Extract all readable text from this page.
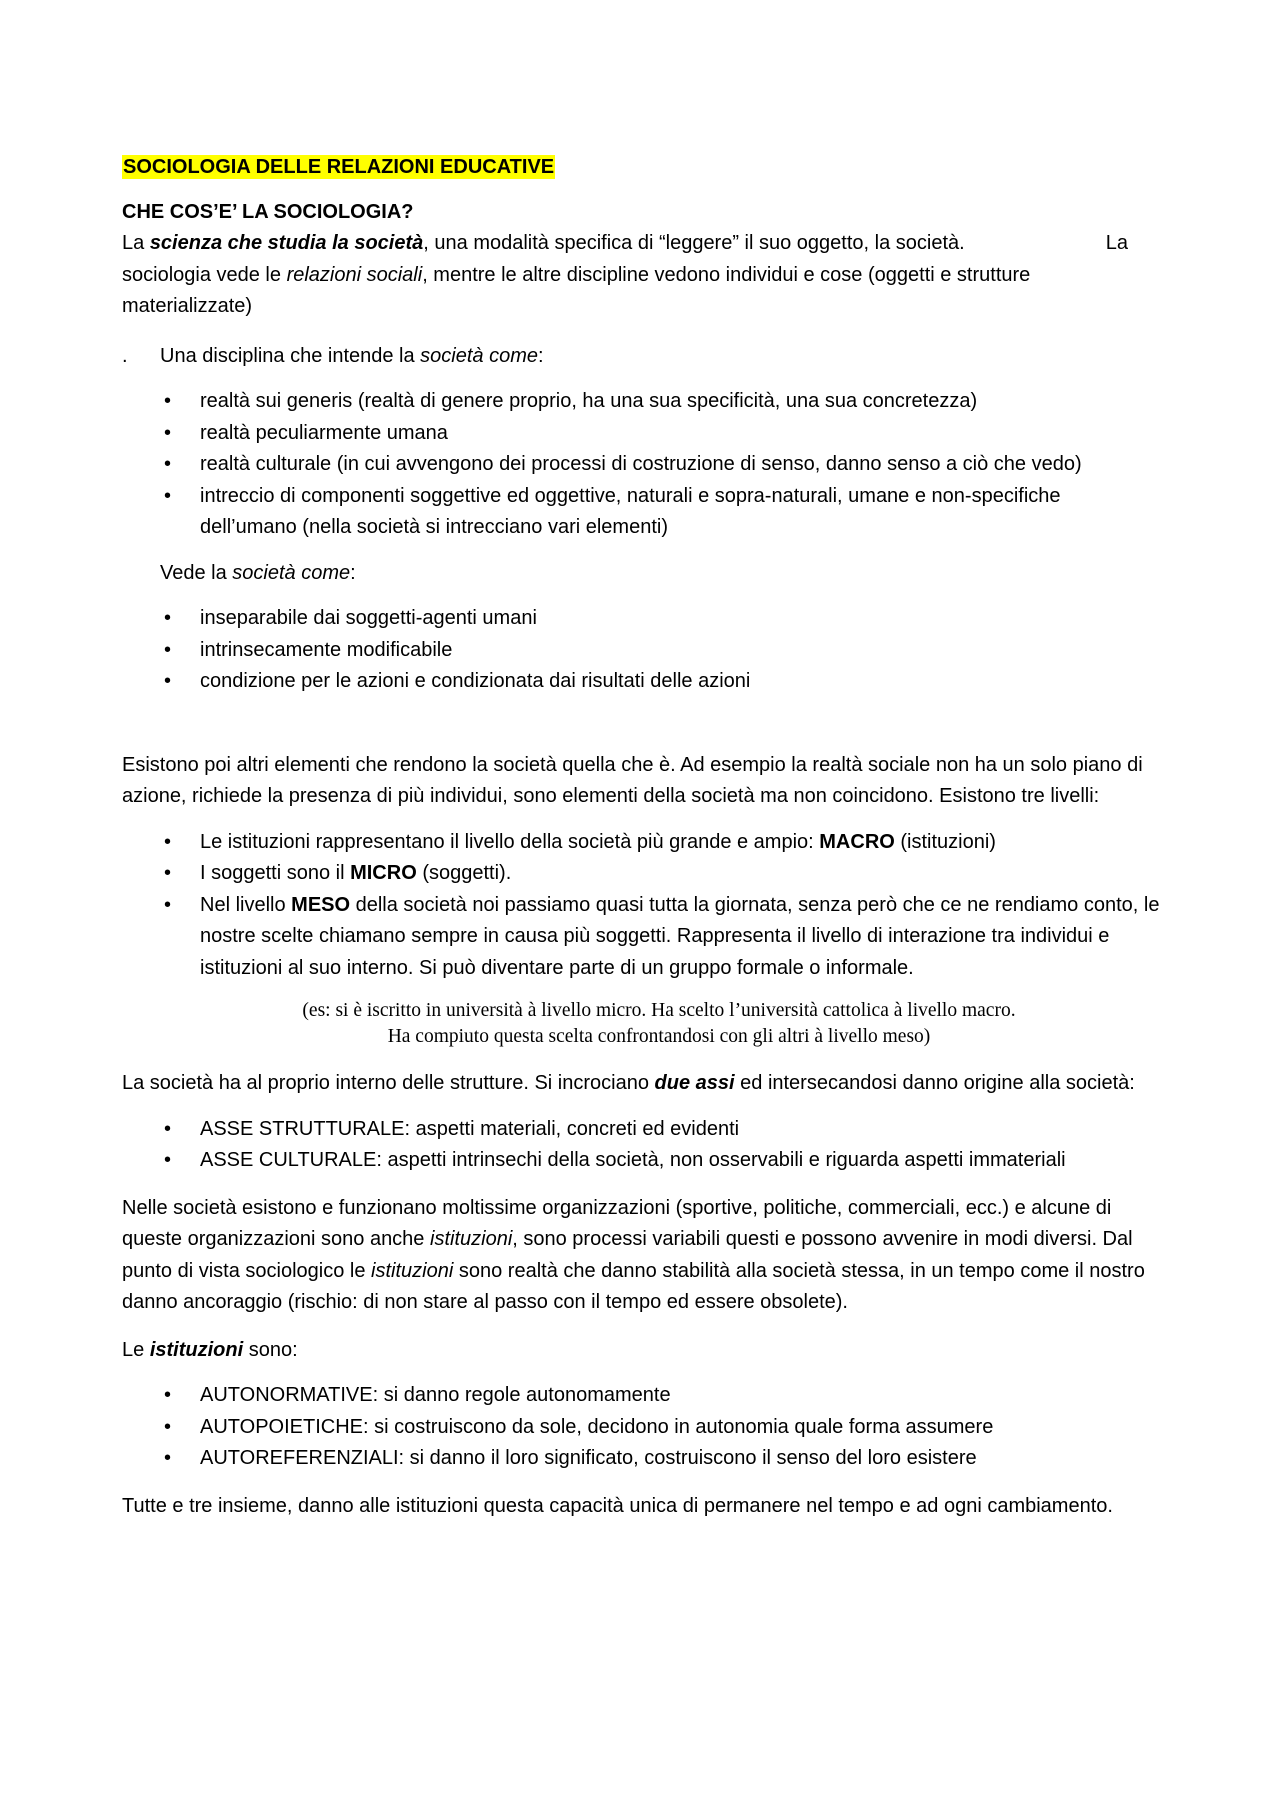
SOCIOLOGIA DELLE RELAZIONI EDUCATIVE

CHE COS’E’ LA SOCIOLOGIA?

La scienza che studia la società, una modalità specifica di “leggere” il suo oggetto, la società.	La

sociologia vede le relazioni sociali, mentre le altre discipline vedono individui e cose (oggetti e strutture materializzate)

. Una disciplina che intende la società come:

• realtà sui generis (realtà di genere proprio, ha una sua specificità, una sua concretezza)
• realtà peculiarmente umana
• realtà culturale (in cui avvengono dei processi di costruzione di senso, danno senso a ciò che vedo)
• intreccio di componenti soggettive ed oggettive, naturali e sopra-naturali, umane e non-specifiche dell’umano (nella società si intrecciano vari elementi)

Vede la società come:

• inseparabile dai soggetti-agenti umani
• intrinsecamente modificabile
• condizione per le azioni e condizionata dai risultati delle azioni

Esistono poi altri elementi che rendono la società quella che è. Ad esempio la realtà sociale non ha un solo piano di azione, richiede la presenza di più individui, sono elementi della società ma non coincidono. Esistono tre livelli:

• Le istituzioni rappresentano il livello della società più grande e ampio: MACRO (istituzioni)
• I soggetti sono il MICRO (soggetti).
• Nel livello MESO della società noi passiamo quasi tutta la giornata, senza però che ce ne rendiamo conto, le nostre scelte chiamano sempre in causa più soggetti. Rappresenta il livello di interazione tra individui e istituzioni al suo interno. Si può diventare parte di un gruppo formale o informale.
(es: si è iscritto in università à livello micro. Ha scelto l’università cattolica à livello macro.
Ha compiuto questa scelta confrontandosi con gli altri à livello meso)

La società ha al proprio interno delle strutture. Si incrociano due assi ed intersecandosi danno origine alla società:

• ASSE STRUTTURALE: aspetti materiali, concreti ed evidenti
• ASSE CULTURALE: aspetti intrinsechi della società, non osservabili e riguarda aspetti immateriali

Nelle società esistono e funzionano moltissime organizzazioni (sportive, politiche, commerciali, ecc.) e alcune di queste organizzazioni sono anche istituzioni, sono processi variabili questi e possono avvenire in modi diversi. Dal punto di vista sociologico le istituzioni sono realtà che danno stabilità alla società stessa, in un tempo come il nostro danno ancoraggio (rischio: di non stare al passo con il tempo ed essere obsolete).

Le istituzioni sono:

• AUTONORMATIVE: si danno regole autonomamente
• AUTOPOIETICHE: si costruiscono da sole, decidono in autonomia quale forma assumere
• AUTOREFERENZIALI: si danno il loro significato, costruiscono il senso del loro esistere

Tutte e tre insieme, danno alle istituzioni questa capacità unica di permanere nel tempo e ad ogni cambiamento.
